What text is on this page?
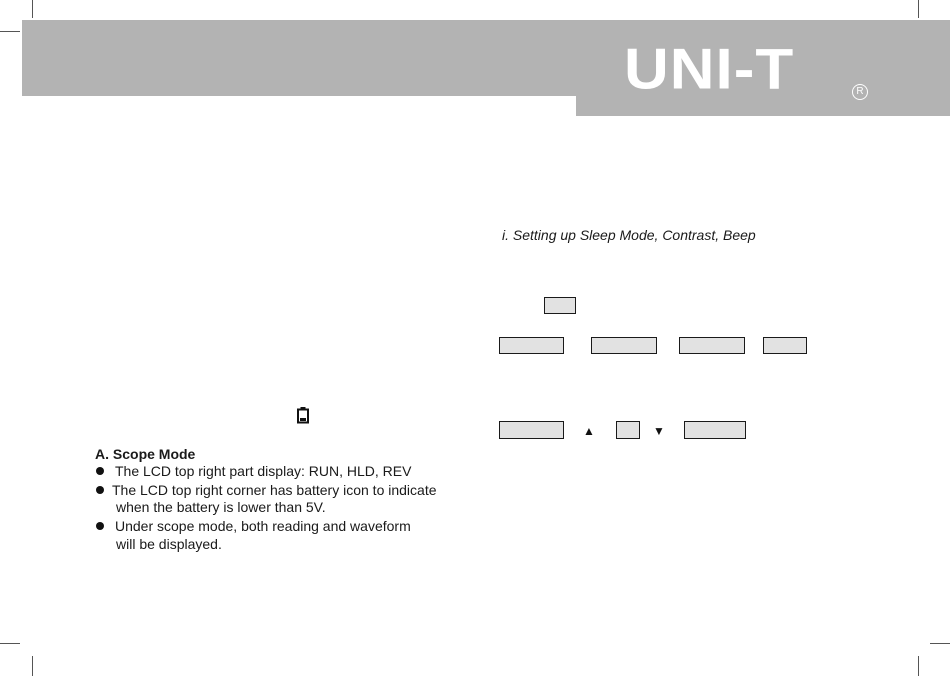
UNI-T	R
A. Scope Mode
The LCD top right part display: RUN, HLD, REV
The LCD top right corner has battery icon to indicate
when the battery is lower than 5V.
Under scope mode, both reading and waveform
will be displayed.
i. Setting up Sleep Mode, Contrast, Beep
▲	▼
